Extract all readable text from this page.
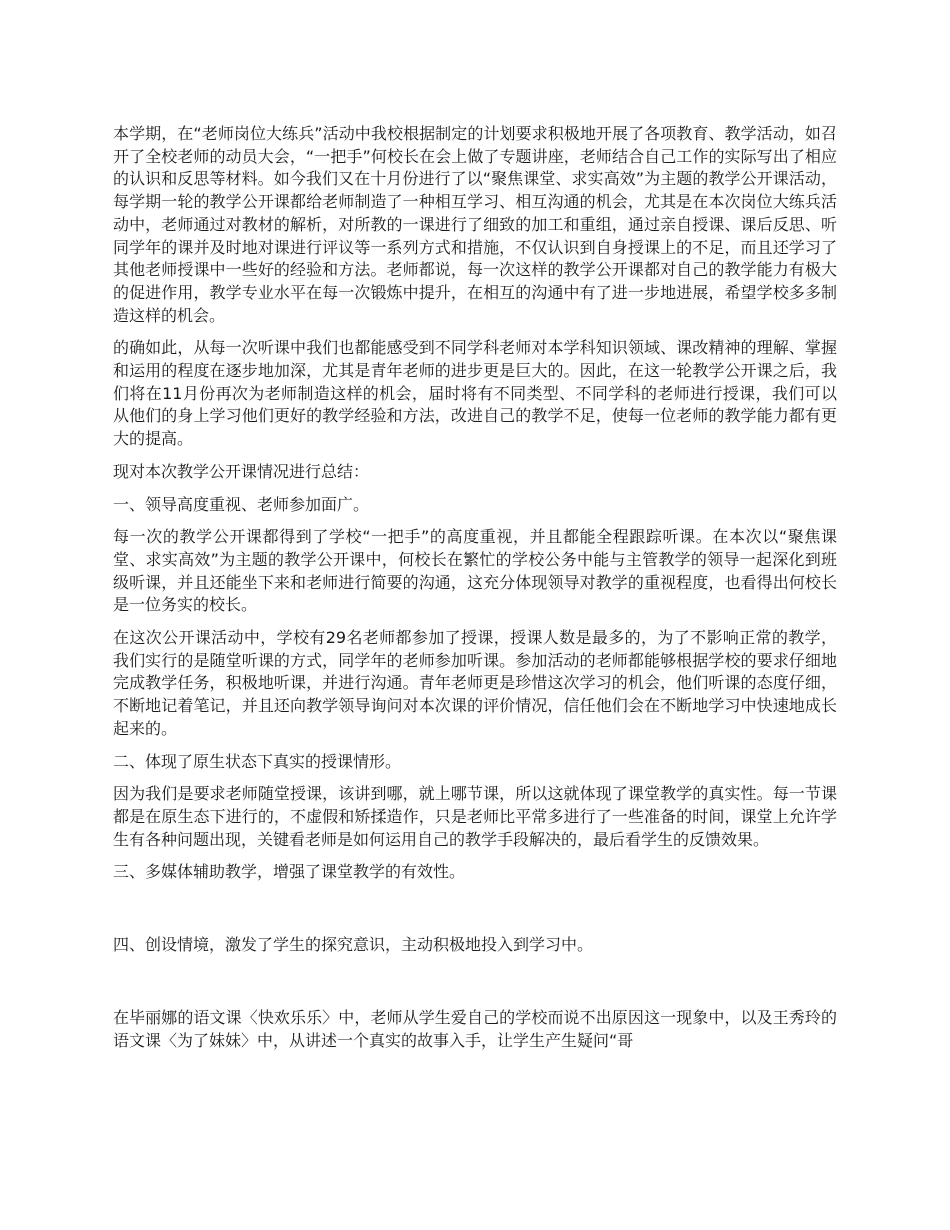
本学期，在“老师岗位大练兵”活动中我校根据制定的计划要求积极地开展了各项教育、教学活动，如召开了全校老师的动员大会，“一把手”何校长在会上做了专题讲座，老师结合自己工作的实际写出了相应的认识和反思等材料。如今我们又在十月份进行了以“聚焦课堂、求实高效”为主题的教学公开课活动，每学期一轮的教学公开课都给老师制造了一种相互学习、相互沟通的机会，尤其是在本次岗位大练兵活动中，老师通过对教材的解析，对所教的一课进行了细致的加工和重组，通过亲自授课、课后反思、听同学年的课并及时地对课进行评议等一系列方式和措施，不仅认识到自身授课上的不足，而且还学习了其他老师授课中一些好的经验和方法。老师都说，每一次这样的教学公开课都对自己的教学能力有极大的促进作用，教学专业水平在每一次锻炼中提升，在相互的沟通中有了进一步地进展，希望学校多多制造这样的机会。

的确如此，从每一次听课中我们也都能感受到不同学科老师对本学科知识领域、课改精神的理解、掌握和运用的程度在逐步地加深，尤其是青年老师的进步更是巨大的。因此，在这一轮教学公开课之后，我们将在11月份再次为老师制造这样的机会，届时将有不同类型、不同学科的老师进行授课，我们可以从他们的身上学习他们更好的教学经验和方法，改进自己的教学不足，使每一位老师的教学能力都有更大的提高。

现对本次教学公开课情况进行总结：

一、领导高度重视、老师参加面广。

每一次的教学公开课都得到了学校“一把手”的高度重视，并且都能全程跟踪听课。在本次以“聚焦课堂、求实高效”为主题的教学公开课中，何校长在繁忙的学校公务中能与主管教学的领导一起深化到班级听课，并且还能坐下来和老师进行简要的沟通，这充分体现领导对教学的重视程度，也看得出何校长是一位务实的校长。

在这次公开课活动中，学校有29名老师都参加了授课，授课人数是最多的，为了不影响正常的教学，我们实行的是随堂听课的方式，同学年的老师参加听课。参加活动的老师都能够根据学校的要求仔细地完成教学任务，积极地听课，并进行沟通。青年老师更是珍惜这次学习的机会，他们听课的态度仔细，不断地记着笔记，并且还向教学领导询问对本次课的评价情况，信任他们会在不断地学习中快速地成长起来的。

二、体现了原生状态下真实的授课情形。

因为我们是要求老师随堂授课，该讲到哪，就上哪节课，所以这就体现了课堂教学的真实性。每一节课都是在原生态下进行的，不虚假和矫揉造作，只是老师比平常多进行了一些准备的时间，课堂上允许学生有各种问题出现，关键看老师是如何运用自己的教学手段解决的，最后看学生的反馈效果。

三、多媒体辅助教学，增强了课堂教学的有效性。

四、创设情境，激发了学生的探究意识，主动积极地投入到学习中。

在毕丽娜的语文课〈快欢乐乐〉中，老师从学生爱自己的学校而说不出原因这一现象中，以及王秀玲的语文课〈为了妹妹〉中，从讲述一个真实的故事入手，让学生产生疑问“哥
